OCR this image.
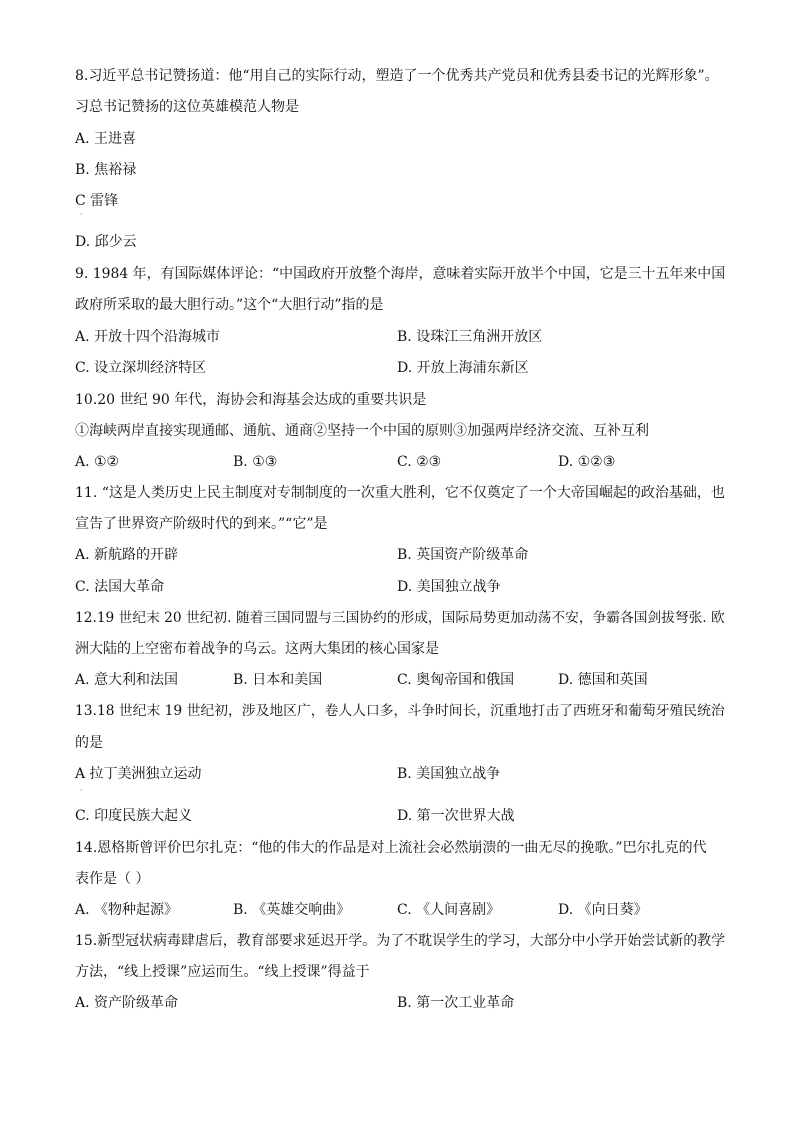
8.习近平总书记赞扬道：他“用自己的实际行动，塑造了一个优秀共产党员和优秀县委书记的光辉形象”。
习总书记赞扬的这位英雄模范人物是
A. 王进喜
B. 焦裕禄
C 雷锋
·
D. 邱少云
9. 1984 年，有国际媒体评论：“中国政府开放整个海岸，意味着实际开放半个中国，它是三十五年来中国
政府所采取的最大胆行动。”这个“大胆行动”指的是
A. 开放十四个沿海城市	B. 设珠江三角洲开放区
C. 设立深圳经济特区	D. 开放上海浦东新区
10.20 世纪 90 年代，海协会和海基会达成的重要共识是
①海峡两岸直接实现通邮、通航、通商②坚持一个中国的原则③加强两岸经济交流、互补互利
A. ①②	B. ①③	C. ②③	D. ①②③
11. “这是人类历史上民主制度对专制制度的一次重大胜利，它不仅奠定了一个大帝国崛起的政治基础，也
宣告了世界资产阶级时代的到来。”“它”是
A. 新航路的开辟	B. 英国资产阶级革命
C. 法国大革命	D. 美国独立战争
12.19 世纪末 20 世纪初. 随着三国同盟与三国协约的形成，国际局势更加动荡不安，争霸各国剑拔弩张. 欧
洲大陆的上空密布着战争的乌云。这两大集团的核心国家是
A. 意大利和法国	B. 日本和美国	C. 奥匈帝国和俄国	D. 德国和英国
13.18 世纪末 19 世纪初，涉及地区广，卷人人口多，斗争时间长，沉重地打击了西班牙和葡萄牙殖民统治
的是
A 拉丁美洲独立运动	B. 美国独立战争
·
C. 印度民族大起义	D. 第一次世界大战
14.恩格斯曾评价巴尔扎克：“他的伟大的作品是对上流社会必然崩溃的一曲无尽的挽歌。”巴尔扎克的代
表作是（ ）
A. 《物种起源》	B. 《英雄交响曲》	C. 《人间喜剧》	D. 《向日葵》
15.新型冠状病毒肆虐后，教育部要求延迟开学。为了不耽误学生的学习，大部分中小学开始尝试新的教学
方法，“线上授课”应运而生。“线上授课”得益于
A. 资产阶级革命	B. 第一次工业革命
